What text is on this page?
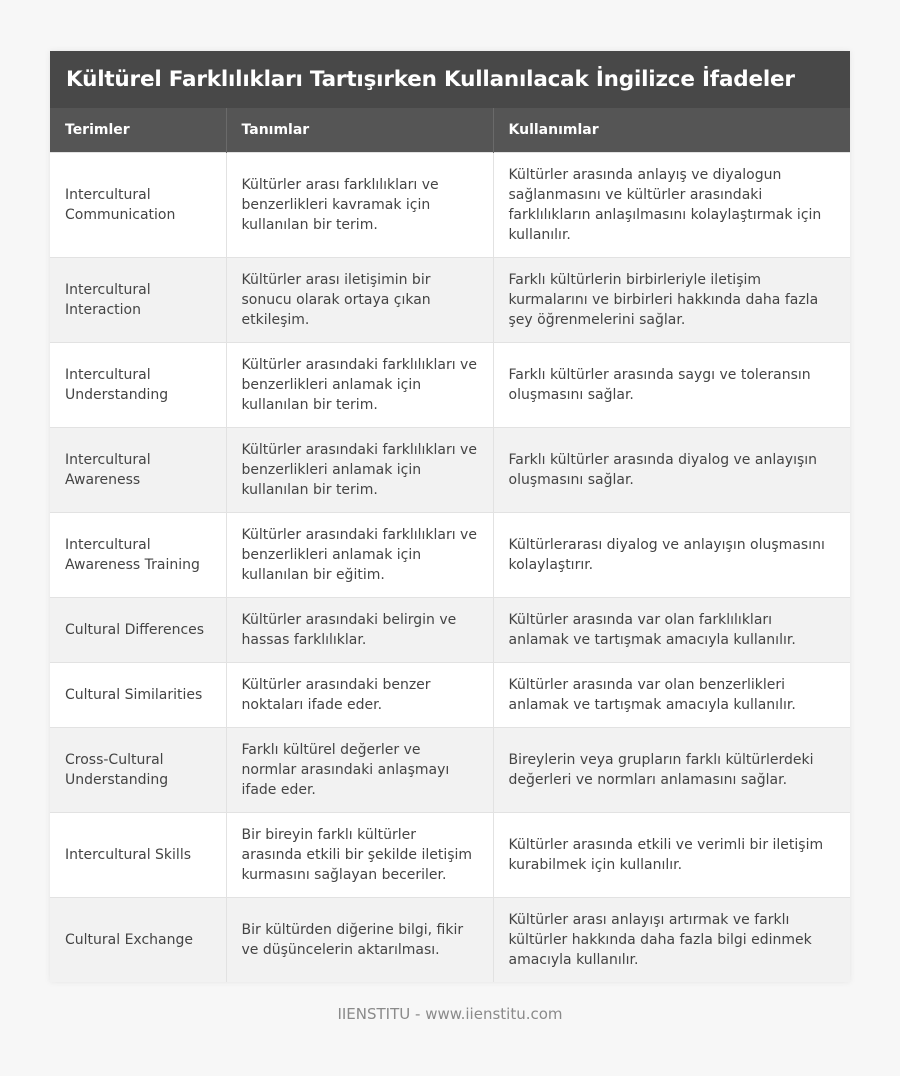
Kültürel Farklılıkları Tartışırken Kullanılacak İngilizce İfadeler
Terimler	Tanımlar	Kullanımlar
Intercultural Communication	Kültürler arası farklılıkları ve benzerlikleri kavramak için kullanılan bir terim.	Kültürler arasında anlayış ve diyalogun sağlanmasını ve kültürler arasındaki farklılıkların anlaşılmasını kolaylaştırmak için kullanılır.
Intercultural Interaction	Kültürler arası iletişimin bir sonucu olarak ortaya çıkan etkileşim.	Farklı kültürlerin birbirleriyle iletişim kurmalarını ve birbirleri hakkında daha fazla şey öğrenmelerini sağlar.
Intercultural Understanding	Kültürler arasındaki farklılıkları ve benzerlikleri anlamak için kullanılan bir terim.	Farklı kültürler arasında saygı ve toleransın oluşmasını sağlar.
Intercultural Awareness	Kültürler arasındaki farklılıkları ve benzerlikleri anlamak için kullanılan bir terim.	Farklı kültürler arasında diyalog ve anlayışın oluşmasını sağlar.
Intercultural Awareness Training	Kültürler arasındaki farklılıkları ve benzerlikleri anlamak için kullanılan bir eğitim.	Kültürlerarası diyalog ve anlayışın oluşmasını kolaylaştırır.
Cultural Differences	Kültürler arasındaki belirgin ve hassas farklılıklar.	Kültürler arasında var olan farklılıkları anlamak ve tartışmak amacıyla kullanılır.
Cultural Similarities	Kültürler arasındaki benzer noktaları ifade eder.	Kültürler arasında var olan benzerlikleri anlamak ve tartışmak amacıyla kullanılır.
Cross-Cultural Understanding	Farklı kültürel değerler ve normlar arasındaki anlaşmayı ifade eder.	Bireylerin veya grupların farklı kültürlerdeki değerleri ve normları anlamasını sağlar.
Intercultural Skills	Bir bireyin farklı kültürler arasında etkili bir şekilde iletişim kurmasını sağlayan beceriler.	Kültürler arasında etkili ve verimli bir iletişim kurabilmek için kullanılır.
Cultural Exchange	Bir kültürden diğerine bilgi, fikir ve düşüncelerin aktarılması.	Kültürler arası anlayışı artırmak ve farklı kültürler hakkında daha fazla bilgi edinmek amacıyla kullanılır.
IIENSTITU - www.iienstitu.com
